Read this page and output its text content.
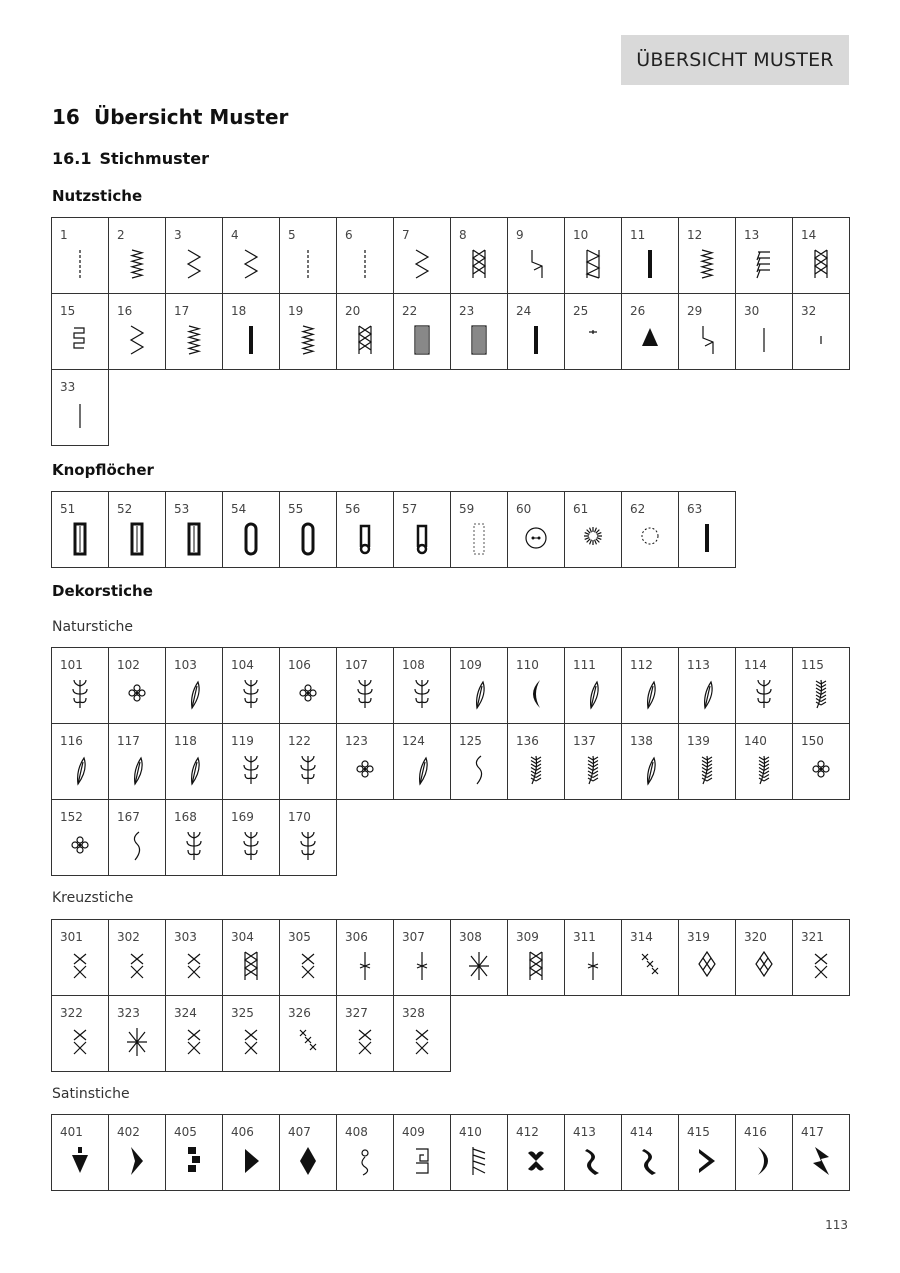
ÜBERSICHT MUSTER
16 Übersicht Muster
16.1 Stichmuster
Nutzstiche
1	2	3	4	5	6	7	8	9	10	11	12	13	14
15	16	17	18	19	20	22	23	24	25	26	29	30	32
33
Knopflöcher
51	52	53	54	55	56	57	59	60	61	62	63
Dekorstiche
Naturstiche
101	102	103	104	106	107	108	109	110	111	112	113	114	115
116	117	118	119	122	123	124	125	136	137	138	139	140	150
152	167	168	169	170
Kreuzstiche
301	302	303	304	305	306	307	308	309	311	314	319	320	321
322	323	324	325	326	327	328
Satinstiche
401	402	405	406	407	408	409	410	412	413	414	415	416	417
113
